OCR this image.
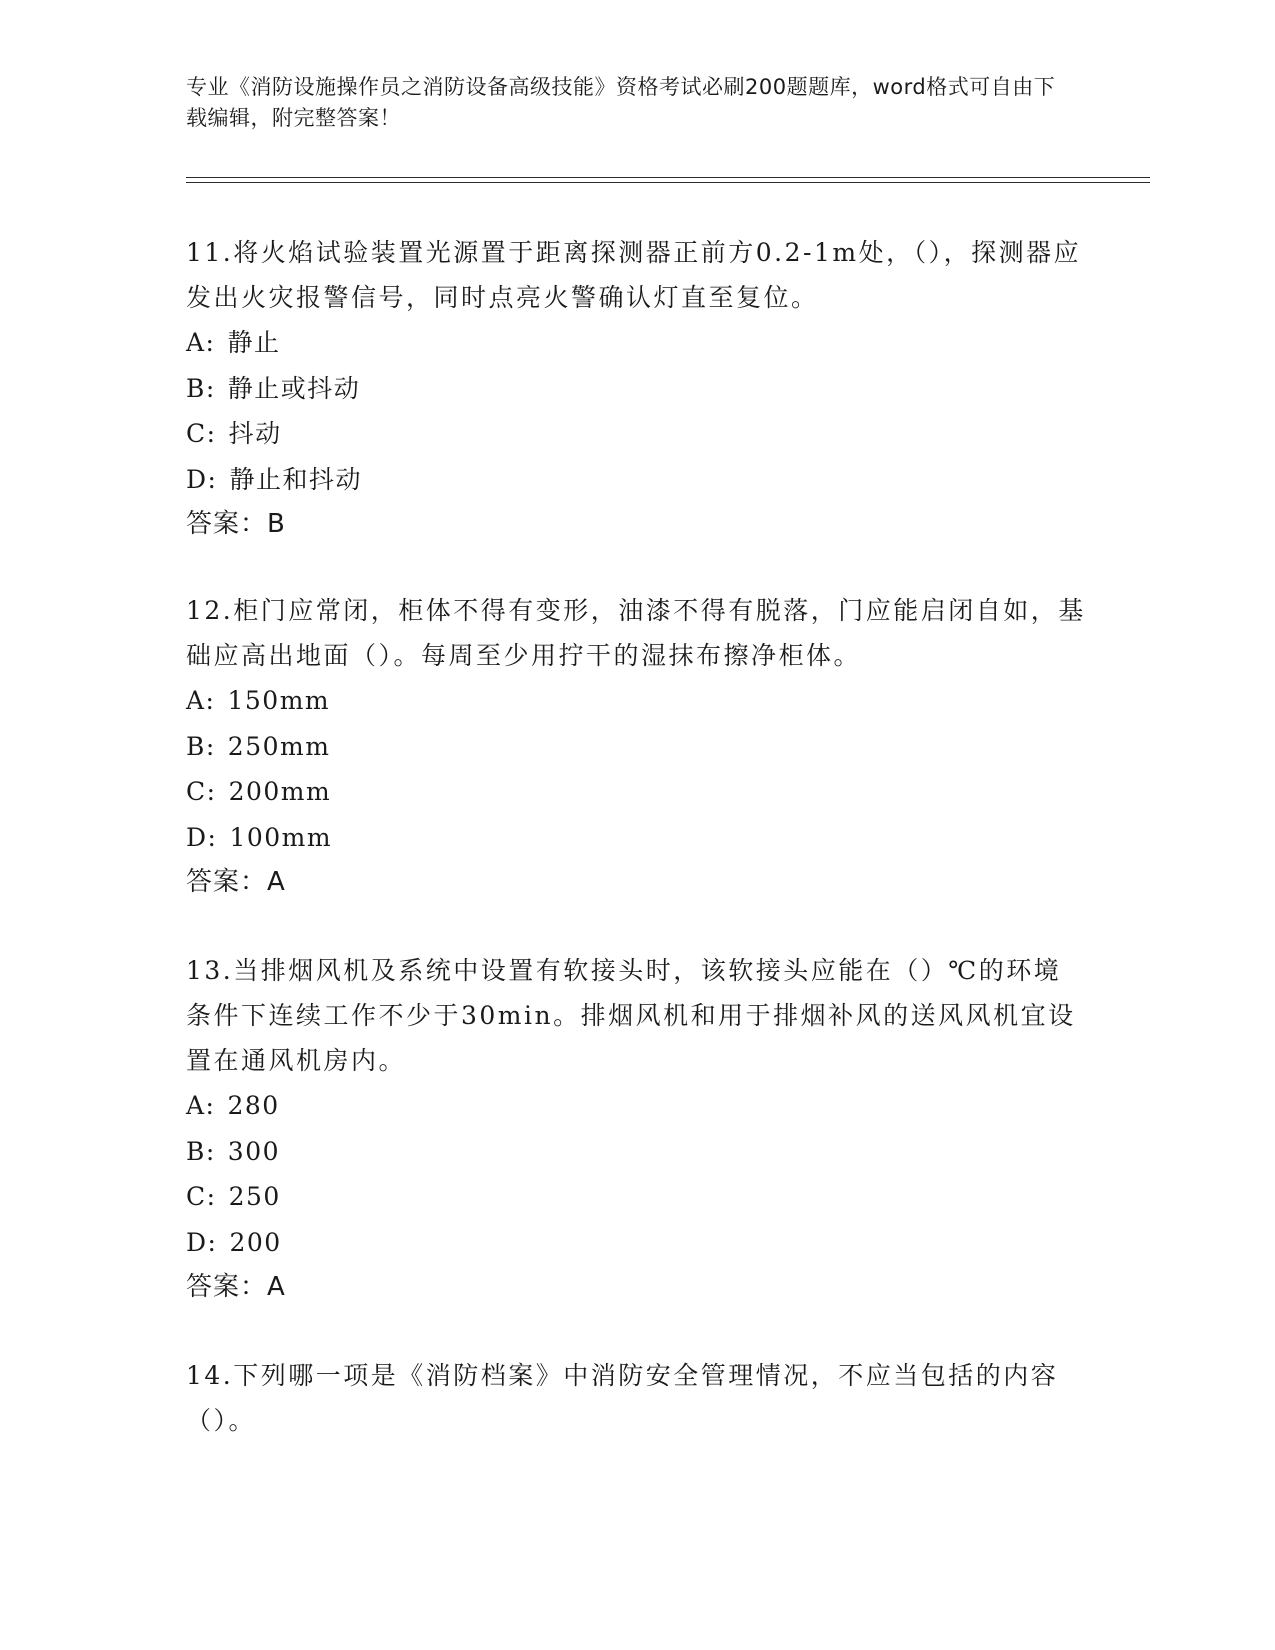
专业《消防设施操作员之消防设备高级技能》资格考试必刷200题题库，word格式可自由下载编辑，附完整答案！

11.将火焰试验装置光源置于距离探测器正前方0.2-1m处，（），探测器应发出火灾报警信号，同时点亮火警确认灯直至复位。

A: 静止
B: 静止或抖动
C: 抖动
D: 静止和抖动

答案：B

12.柜门应常闭，柜体不得有变形，油漆不得有脱落，门应能启闭自如，基础应高出地面（）。每周至少用拧干的湿抹布擦净柜体。

A: 150mm
B: 250mm
C: 200mm
D: 100mm

答案：A

13.当排烟风机及系统中设置有软接头时，该软接头应能在（）℃的环境条件下连续工作不少于30min。排烟风机和用于排烟补风的送风风机宜设置在通风机房内。

A: 280
B: 300
C: 250
D: 200

答案：A

14.下列哪一项是《消防档案》中消防安全管理情况，不应当包括的内容（）。
